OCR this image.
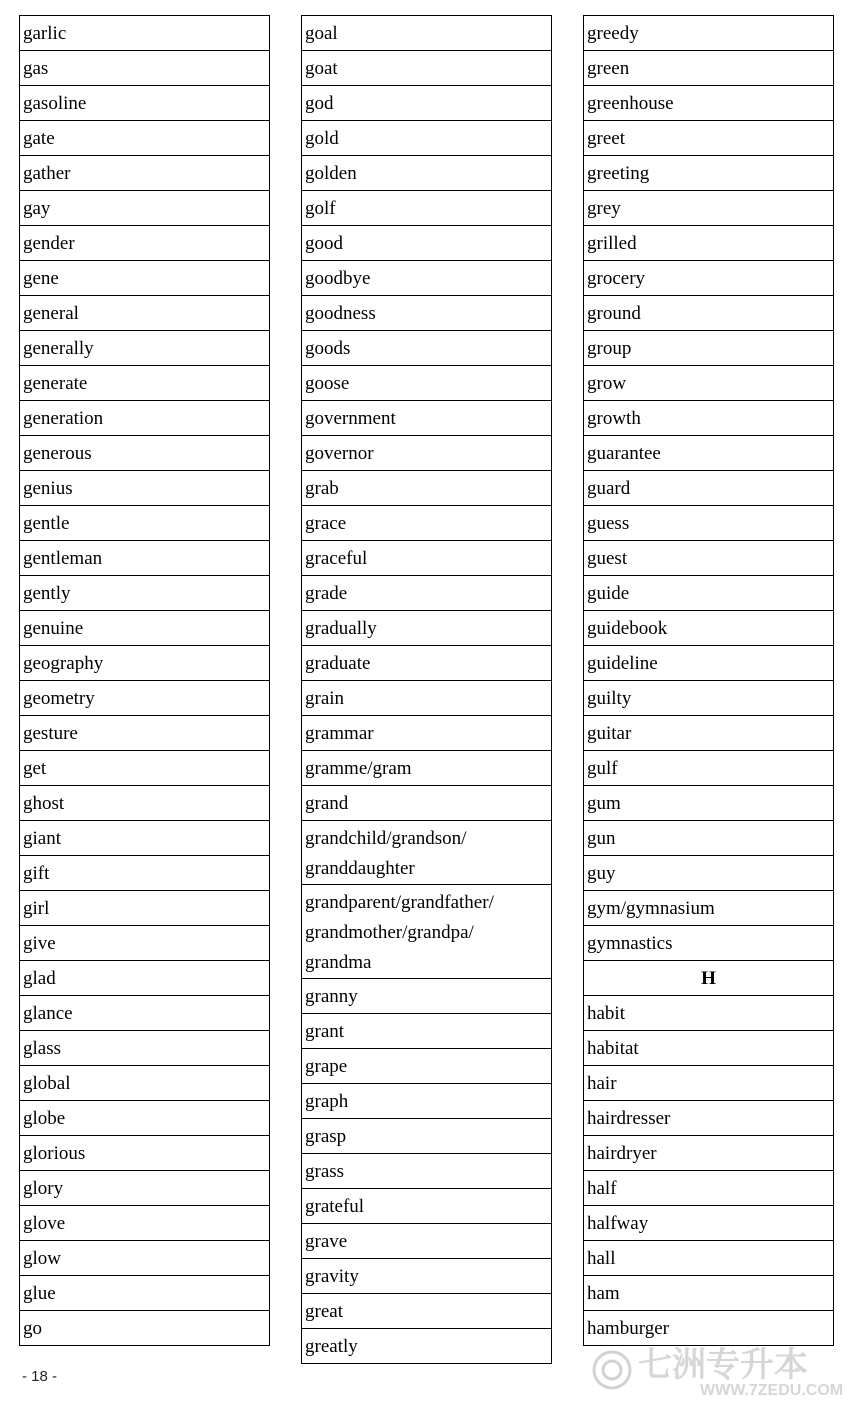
garlic
gas
gasoline
gate
gather
gay
gender
gene
general
generally
generate
generation
generous
genius
gentle
gentleman
gently
genuine
geography
geometry
gesture
get
ghost
giant
gift
girl
give
glad
glance
glass
global
globe
glorious
glory
glove
glow
glue
go
goal
goat
god
gold
golden
golf
good
goodbye
goodness
goods
goose
government
governor
grab
grace
graceful
grade
gradually
graduate
grain
grammar
gramme/gram
grand
grandchild/grandson/
granddaughter
grandparent/grandfather/
grandmother/grandpa/
grandma
granny
grant
grape
graph
grasp
grass
grateful
grave
gravity
great
greatly
greedy
green
greenhouse
greet
greeting
grey
grilled
grocery
ground
group
grow
growth
guarantee
guard
guess
guest
guide
guidebook
guideline
guilty
guitar
gulf
gum
gun
guy
gym/gymnasium
gymnastics
H
habit
habitat
hair
hairdresser
hairdryer
half
halfway
hall
ham
hamburger
- 18 -	七洲专升本
WWW.7ZEDU.COM
